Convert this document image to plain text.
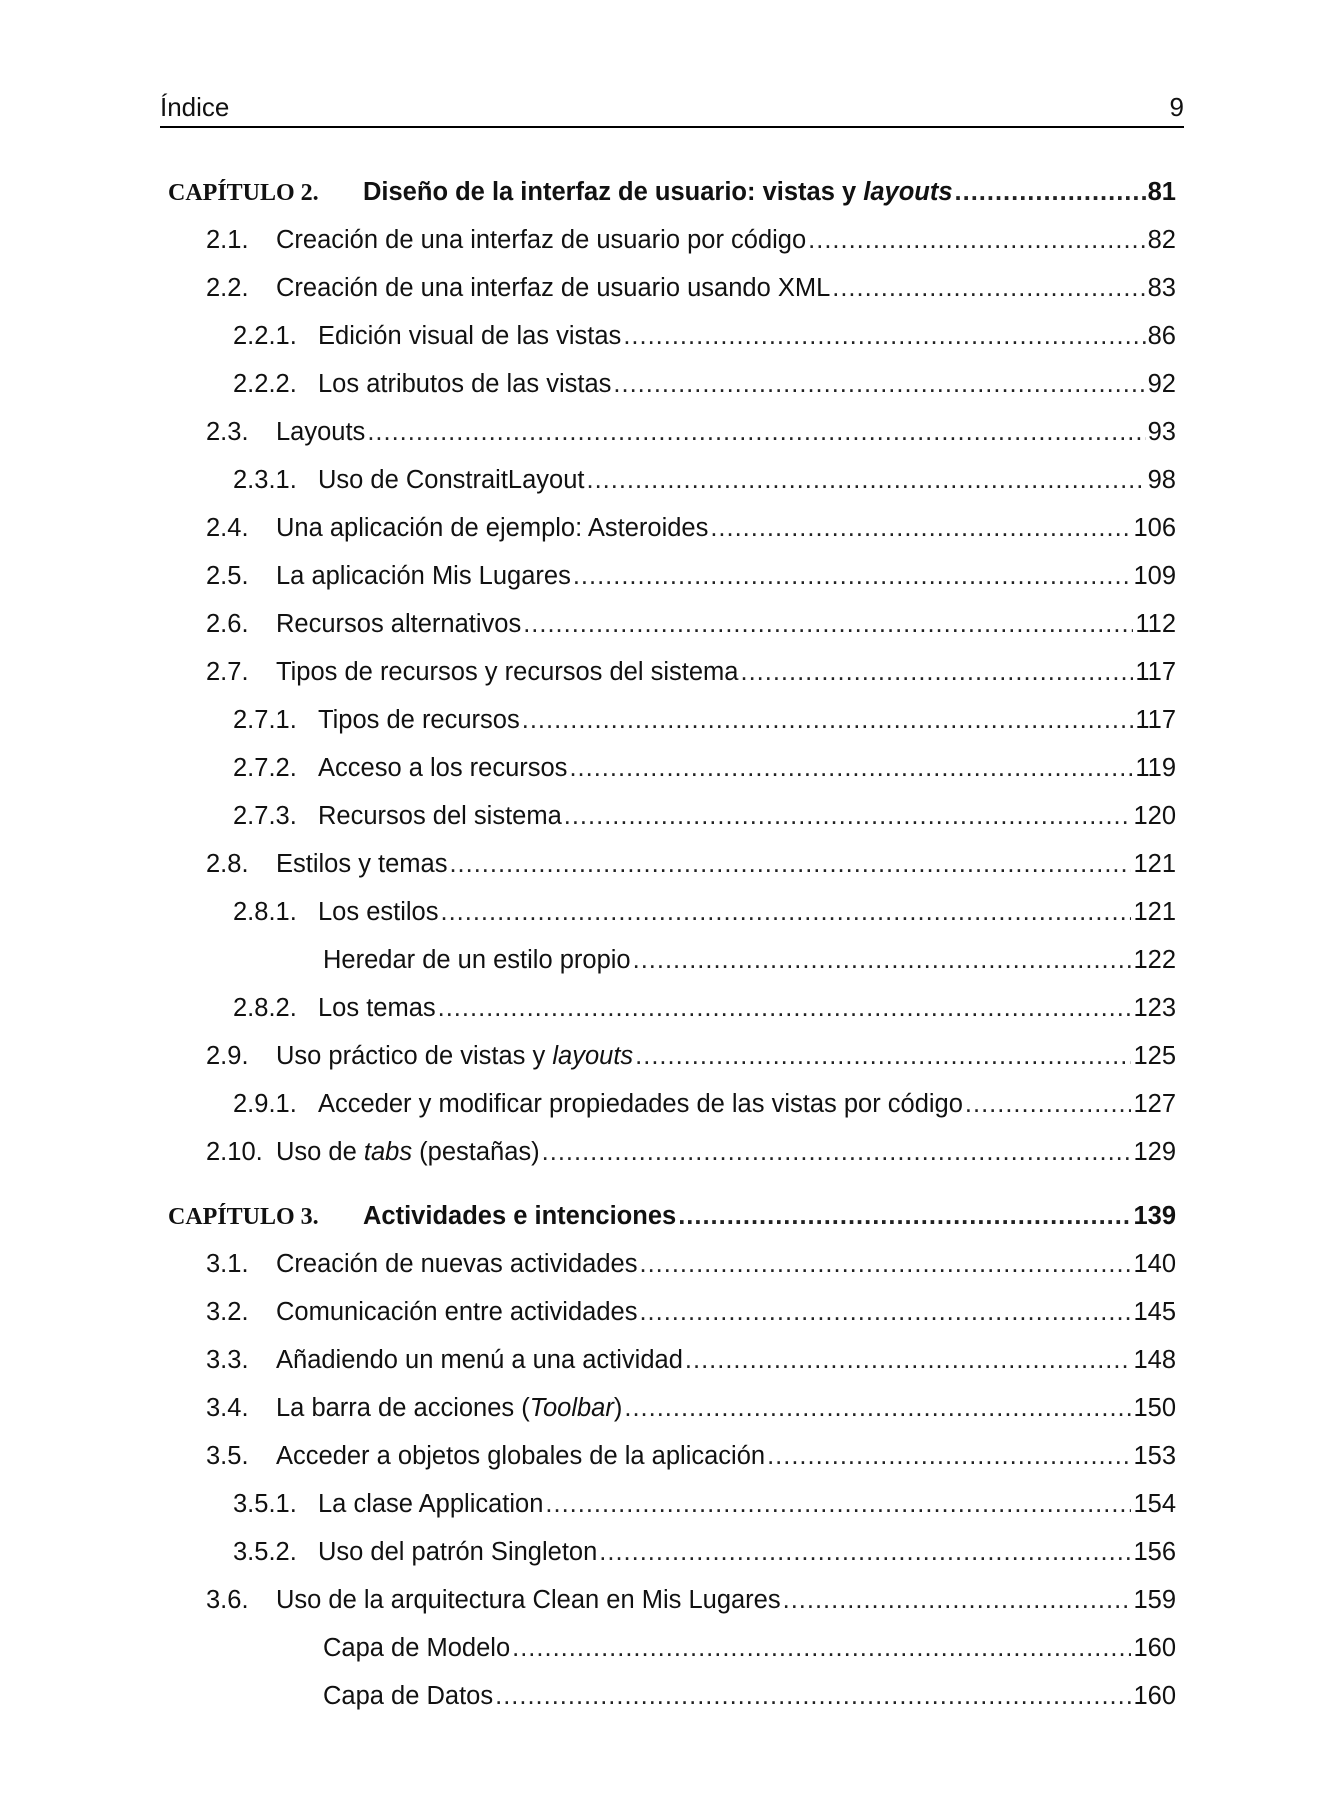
Índice	9
CAPÍTULO 2.	Diseño de la interfaz de usuario: vistas y layouts .....	81
2.1.	Creación de una interfaz de usuario por código .....	82
2.2.	Creación de una interfaz de usuario usando XML .....	83
2.2.1. Edición visual de las vistas .....	86
2.2.2. Los atributos de las vistas .....	92
2.3.	Layouts .....	93
2.3.1. Uso de ConstraitLayout .....	98
2.4.	Una aplicación de ejemplo: Asteroides .....	106
2.5.	La aplicación Mis Lugares .....	109
2.6.	Recursos alternativos .....	112
2.7.	Tipos de recursos y recursos del sistema .....	117
2.7.1. Tipos de recursos .....	117
2.7.2. Acceso a los recursos .....	119
2.7.3. Recursos del sistema .....	120
2.8.	Estilos y temas .....	121
2.8.1. Los estilos .....	121
Heredar de un estilo propio .....	122
2.8.2. Los temas .....	123
2.9.	Uso práctico de vistas y layouts .....	125
2.9.1. Acceder y modificar propiedades de las vistas por código .....	127
2.10. Uso de tabs (pestañas) .....	129
CAPÍTULO 3.	Actividades e intenciones .....	139
3.1.	Creación de nuevas actividades .....	140
3.2.	Comunicación entre actividades .....	145
3.3.	Añadiendo un menú a una actividad .....	148
3.4.	La barra de acciones (Toolbar) .....	150
3.5.	Acceder a objetos globales de la aplicación .....	153
3.5.1. La clase Application .....	154
3.5.2. Uso del patrón Singleton .....	156
3.6.	Uso de la arquitectura Clean en Mis Lugares .....	159
Capa de Modelo .....	160
Capa de Datos .....	160
